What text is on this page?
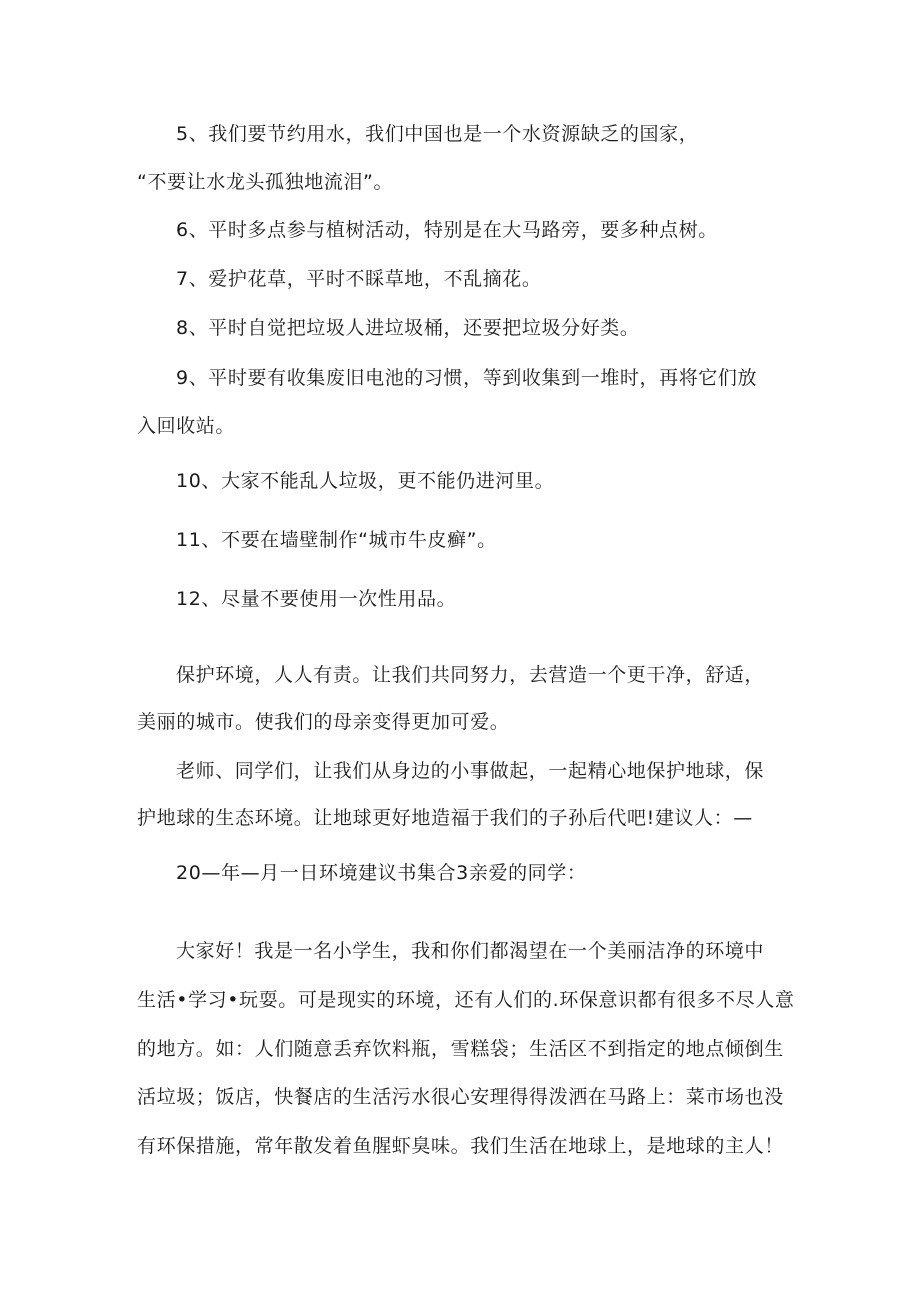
5、我们要节约用水，我们中国也是一个水资源缺乏的国家，
“不要让水龙头孤独地流泪”。
6、平时多点参与植树活动，特别是在大马路旁，要多种点树。
7、爱护花草，平时不睬草地，不乱摘花。
8、平时自觉把垃圾人进垃圾桶，还要把垃圾分好类。
9、平时要有收集废旧电池的习惯，等到收集到一堆时，再将它们放
入回收站。
10、大家不能乱人垃圾，更不能仍进河里。
11、不要在墙壁制作“城市牛皮癣”。
12、尽量不要使用一次性用品。
保护环境，人人有责。让我们共同努力，去营造一个更干净，舒适，
美丽的城市。使我们的母亲变得更加可爱。
老师、同学们，让我们从身边的小事做起，一起精心地保护地球，保
护地球的生态环境。让地球更好地造福于我们的子孙后代吧!建议人：—
20—年—月一日环境建议书集合3亲爱的同学：
大家好！我是一名小学生，我和你们都渴望在一个美丽洁净的环境中
生活•学习•玩耍。可是现实的环境，还有人们的.环保意识都有很多不尽人意
的地方。如：人们随意丢弃饮料瓶，雪糕袋；生活区不到指定的地点倾倒生
活垃圾；饭店，快餐店的生活污水很心安理得得泼洒在马路上：菜市场也没
有环保措施，常年散发着鱼腥虾臭味。我们生活在地球上，是地球的主人！
